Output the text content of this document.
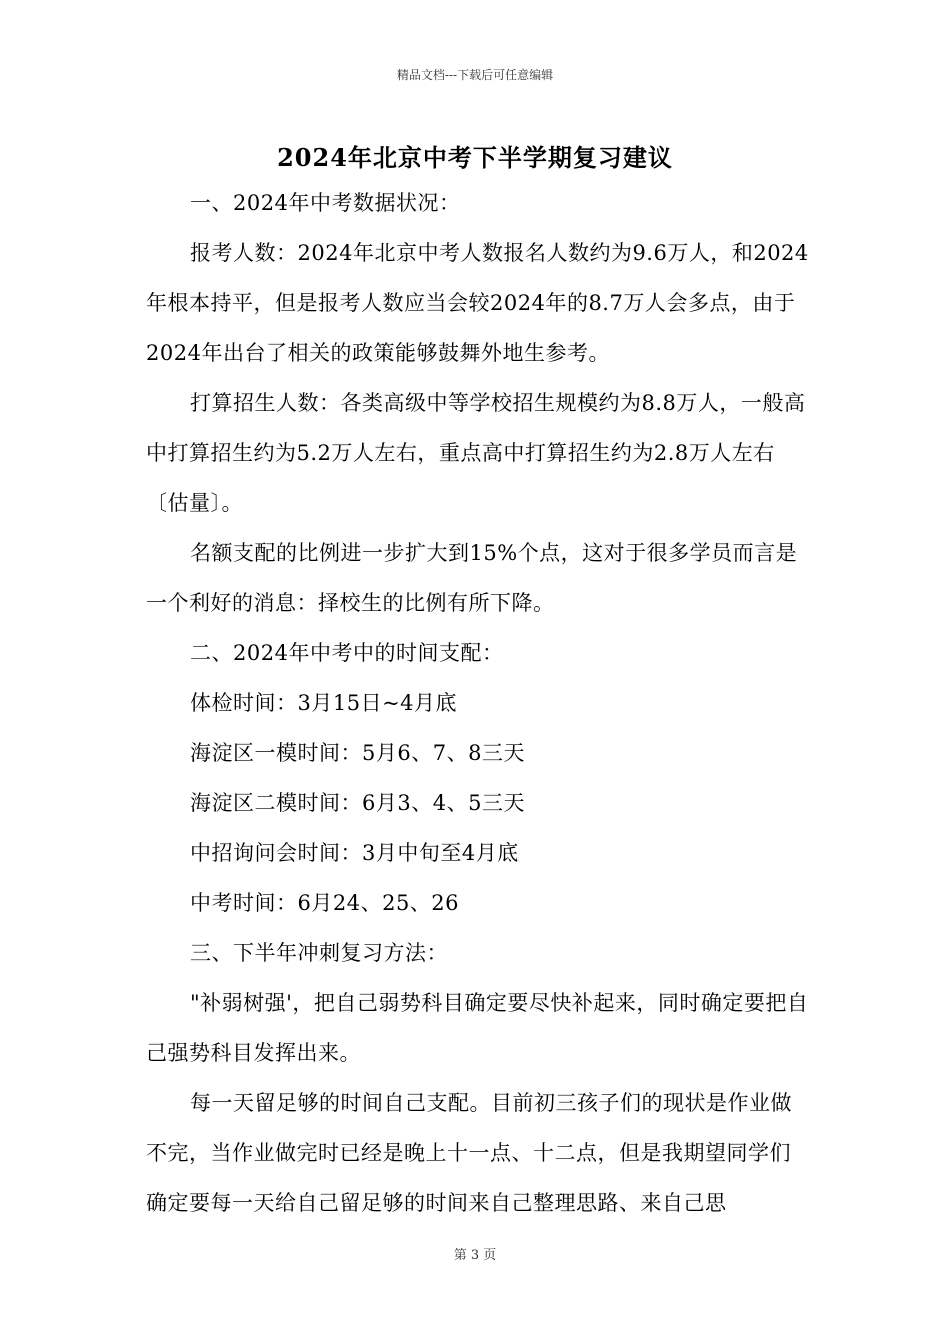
精品文档---下载后可任意编辑
2024年北京中考下半学期复习建议

一、2024年中考数据状况：

报考人数：2024年北京中考人数报名人数约为9.6万人，和2024年根本持平，但是报考人数应当会较2024年的8.7万人会多点，由于2024年出台了相关的政策能够鼓舞外地生参考。

打算招生人数：各类高级中等学校招生规模约为8.8万人，一般高中打算招生约为5.2万人左右，重点高中打算招生约为2.8万人左右〔估量〕。

名额支配的比例进一步扩大到15%个点，这对于很多学员而言是一个利好的消息：择校生的比例有所下降。

二、2024年中考中的时间支配：

体检时间：3月15日~4月底

海淀区一模时间：5月6、7、8三天

海淀区二模时间：6月3、4、5三天

中招询问会时间：3月中旬至4月底

中考时间：6月24、25、26

三、下半年冲刺复习方法：

"补弱树强'，把自己弱势科目确定要尽快补起来，同时确定要把自己强势科目发挥出来。

每一天留足够的时间自己支配。目前初三孩子们的现状是作业做不完，当作业做完时已经是晚上十一点、十二点，但是我期望同学们确定要每一天给自己留足够的时间来自己整理思路、来自己思

第 3 页
